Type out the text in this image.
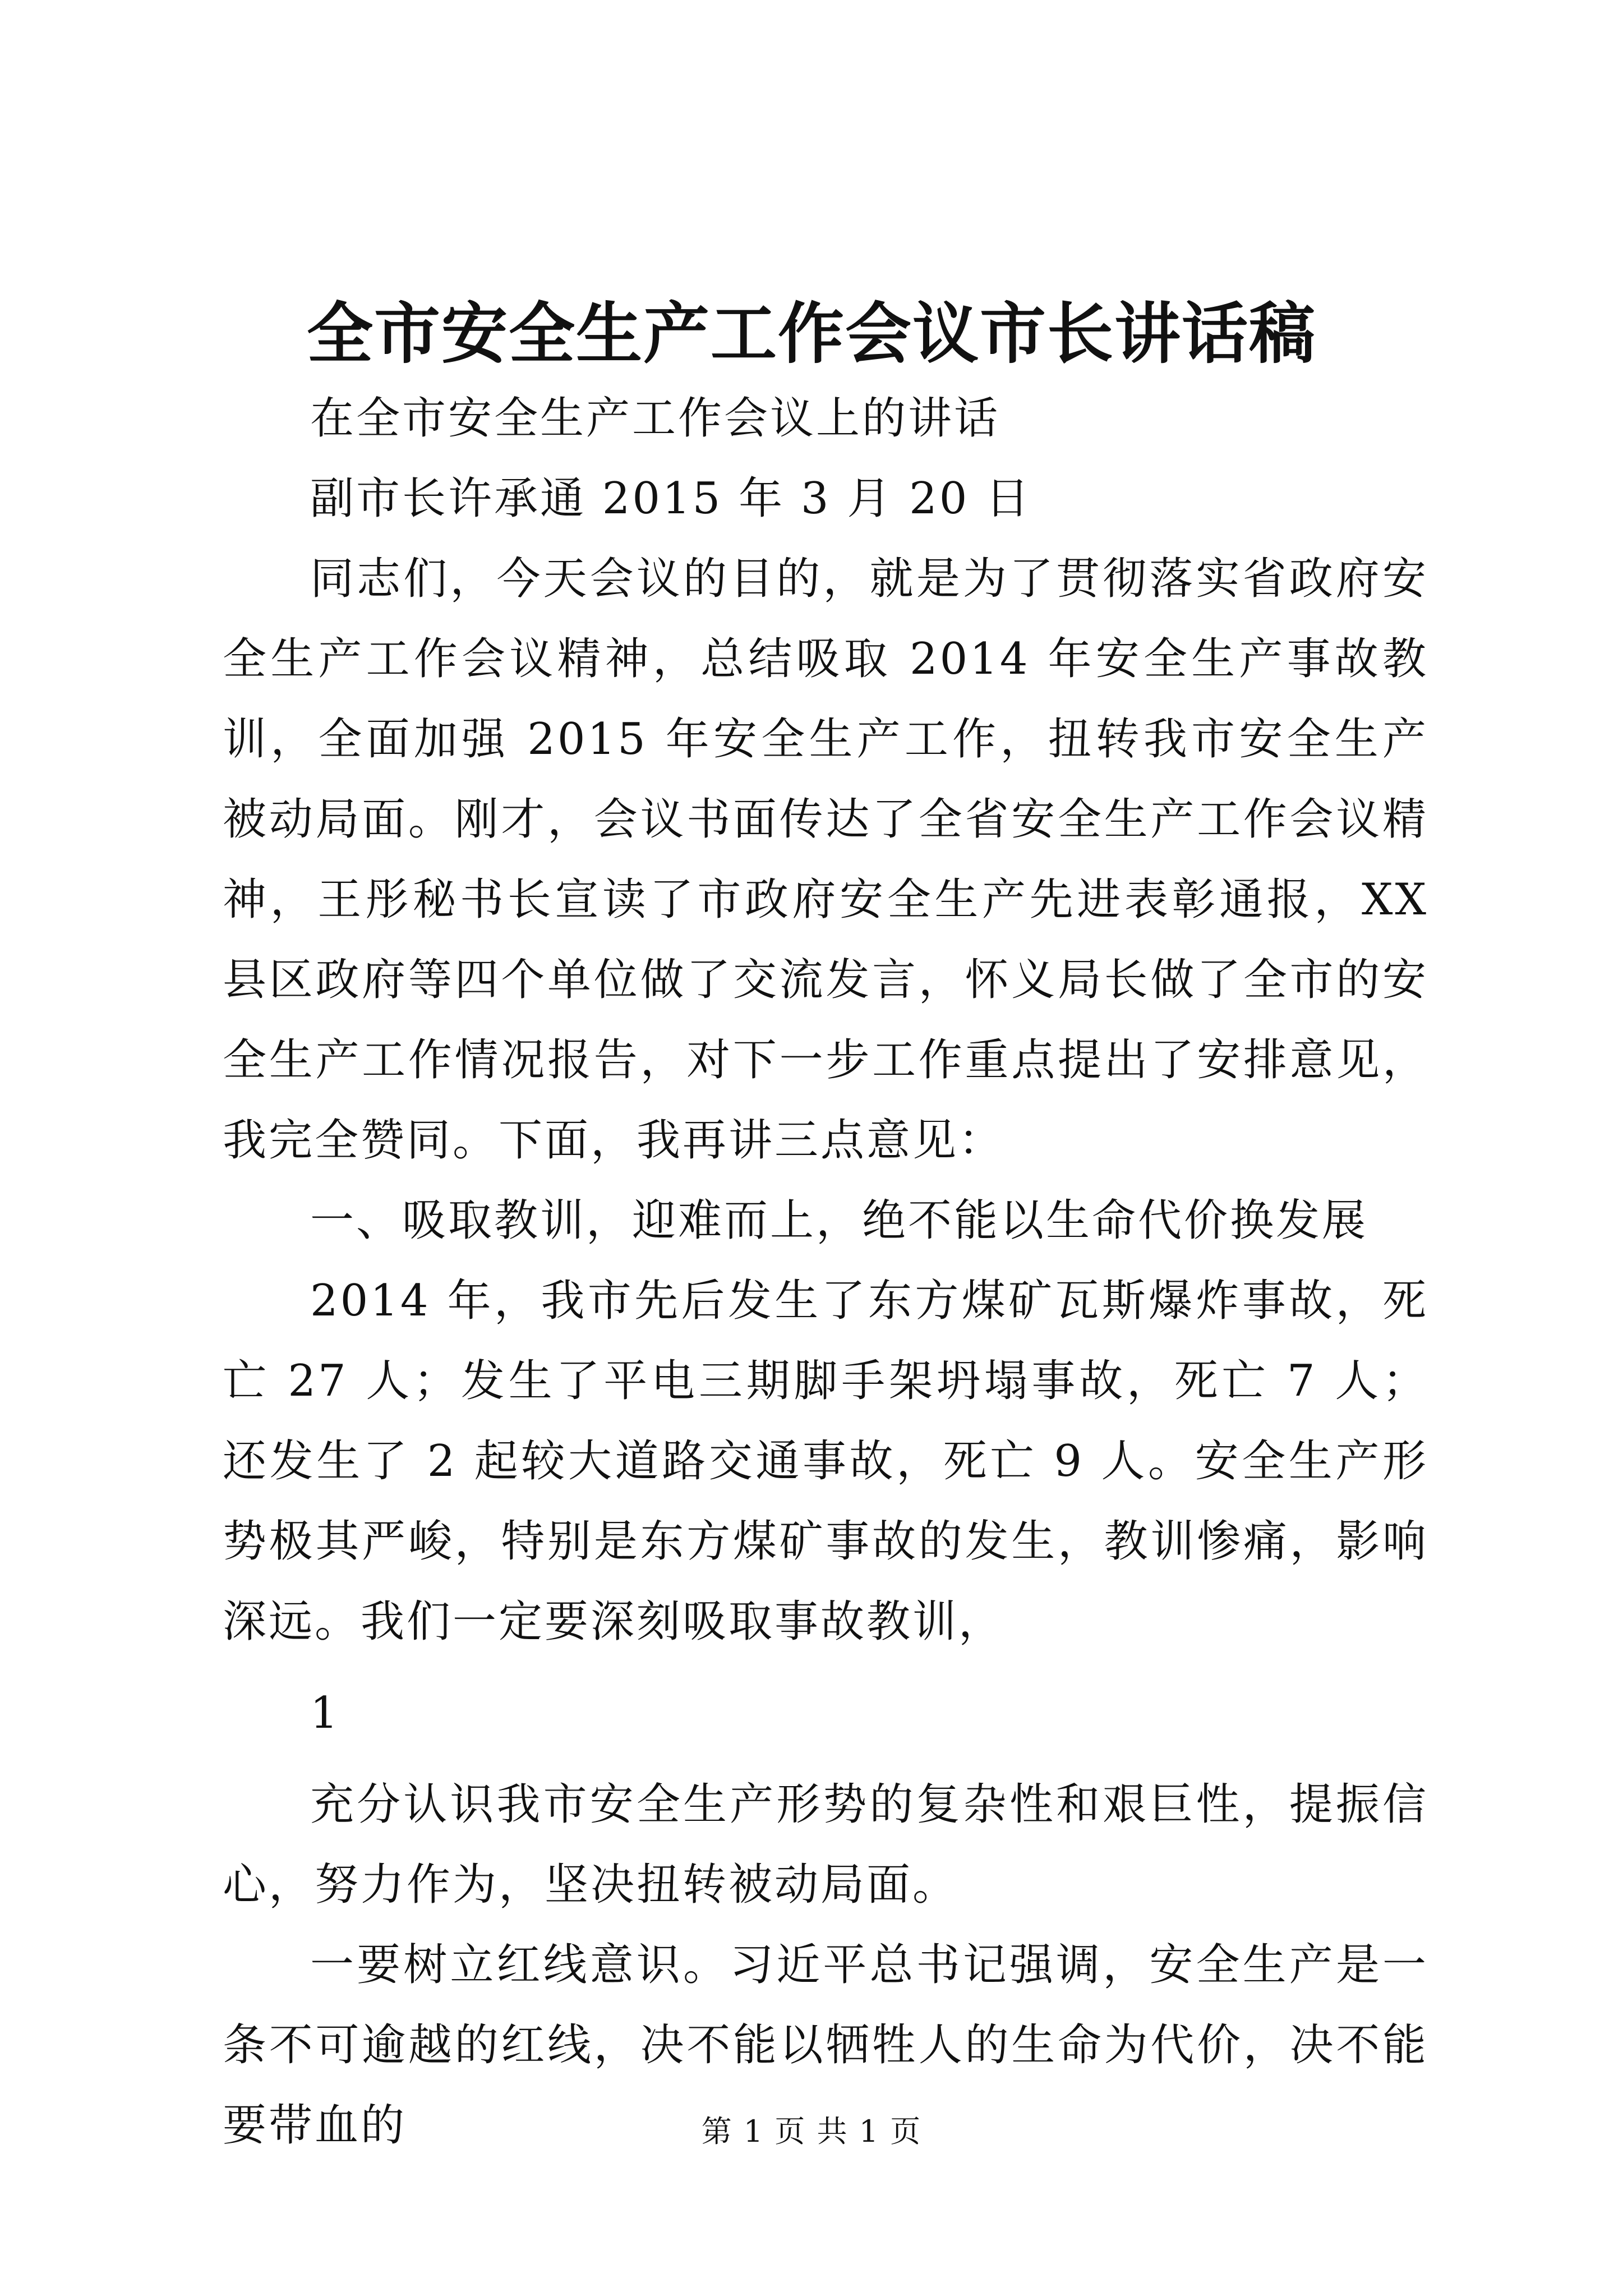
全市安全生产工作会议市长讲话稿

在全市安全生产工作会议上的讲话

副市长许承通 2015 年 3 月 20 日

同志们，今天会议的目的，就是为了贯彻落实省政府安全生产工作会议精神，总结吸取 2014 年安全生产事故教训，全面加强 2015 年安全生产工作，扭转我市安全生产被动局面。刚才，会议书面传达了全省安全生产工作会议精神，王彤秘书长宣读了市政府安全生产先进表彰通报，XX 县区政府等四个单位做了交流发言，怀义局长做了全市的安全生产工作情况报告，对下一步工作重点提出了安排意见，我完全赞同。下面，我再讲三点意见：

一、吸取教训，迎难而上，绝不能以生命代价换发展

2014 年，我市先后发生了东方煤矿瓦斯爆炸事故，死亡 27 人；发生了平电三期脚手架坍塌事故，死亡 7 人；还发生了 2 起较大道路交通事故，死亡 9 人。安全生产形势极其严峻，特别是东方煤矿事故的发生，教训惨痛，影响深远。我们一定要深刻吸取事故教训，

1

充分认识我市安全生产形势的复杂性和艰巨性，提振信心，努力作为，坚决扭转被动局面。

一要树立红线意识。习近平总书记强调，安全生产是一条不可逾越的红线，决不能以牺牲人的生命为代价，决不能要带血的	第 1 页 共 1 页
